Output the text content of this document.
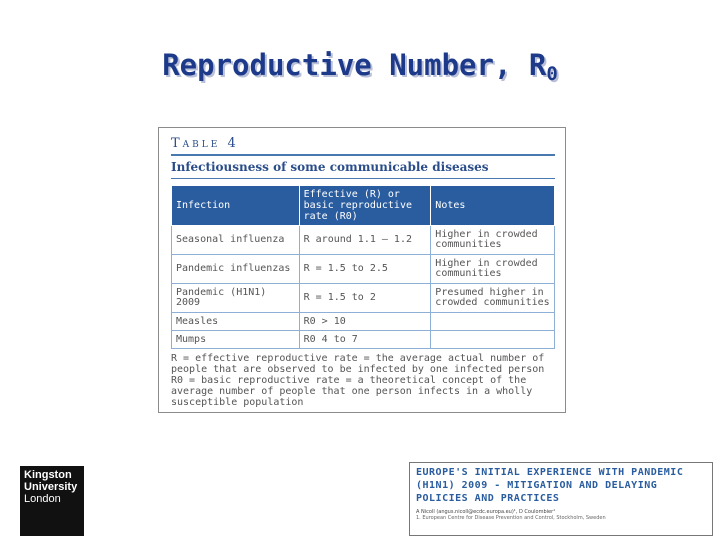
Reproductive Number, $R_0$
Table 4
Infectiousness of some communicable diseases
Infection	Effective (R) or basic reproductive rate (R0)	Notes
Seasonal influenza	R around 1.1 – 1.2	Higher in crowded communities
Pandemic influenzas	R = 1.5 to 2.5	Higher in crowded communities
Pandemic (H1N1) 2009	R = 1.5 to 2	Presumed higher in crowded communities
Measles	R0 > 10	
Mumps	R0 4 to 7	
R = effective reproductive rate = the average actual number of people that are observed to be infected by one infected person
R0 = basic reproductive rate = a theoretical concept of the average number of people that one person infects in a wholly susceptible population
Kingston
University
London
EUROPE'S INITIAL EXPERIENCE WITH PANDEMIC (H1N1) 2009 - MITIGATION AND DELAYING POLICIES AND PRACTICES
A Nicoll (angus.nicoll@ecdc.europa.eu)¹, D Coulombier¹
1. European Centre for Disease Prevention and Control, Stockholm, Sweden
